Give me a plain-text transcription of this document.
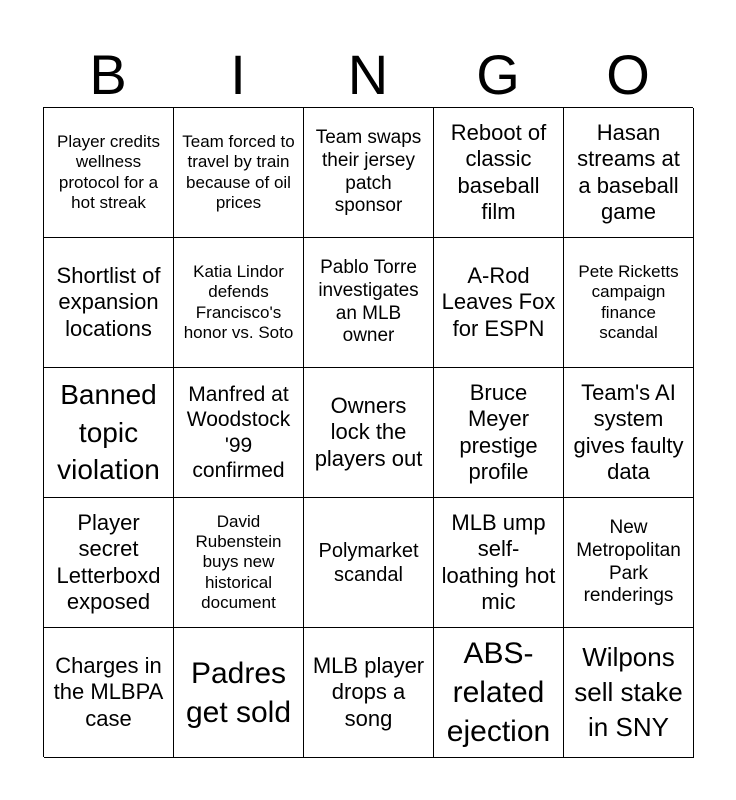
B	I	N	G	O
Player credits wellness protocol for a hot streak
Team forced to travel by train because of oil prices
Team swaps their jersey patch sponsor
Reboot of classic baseball film
Hasan streams at a baseball game
Shortlist of expansion locations
Katia Lindor defends Francisco's honor vs. Soto
Pablo Torre investigates an MLB owner
A-Rod Leaves Fox for ESPN
Pete Ricketts campaign finance scandal
Banned topic violation
Manfred at Woodstock '99 confirmed
Owners lock the players out
Bruce Meyer prestige profile
Team's AI system gives faulty data
Player secret Letterboxd exposed
David Rubenstein buys new historical document
Polymarket scandal
MLB ump self-loathing hot mic
New Metropolitan Park renderings
Charges in the MLBPA case
Padres get sold
MLB player drops a song
ABS-related ejection
Wilpons sell stake in SNY
